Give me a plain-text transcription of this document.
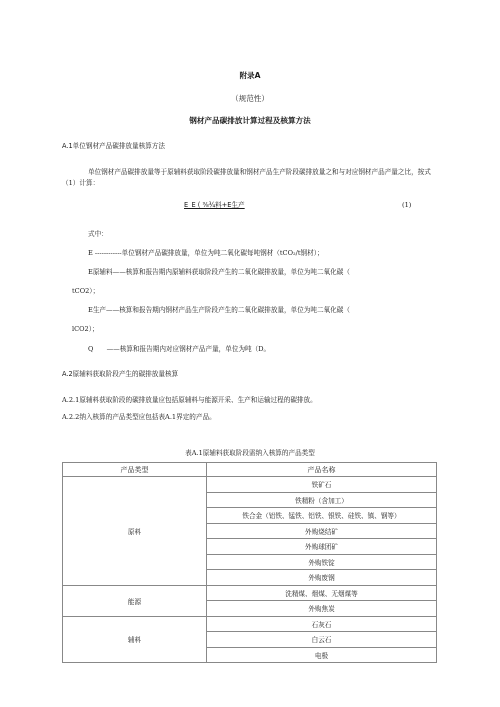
附录A
（规范性）
钢材产品碳排放计算过程及核算方法
A.1单位钢材产品碳排放量核算方法
单位钢材产品碳排放量等于原辅料获取阶段碳排放量和钢材产品生产阶段碳排放量之和与对应钢材产品产量之比，按式（1）计算：
E_E ( ⅜¾料+E生产	(1)
式中：
E ------------单位钢材产品碳排放量，单位为吨二氧化碳每吨钢材（tCO₂/t钢材）；
E原辅料——核算和报告期内原辅料获取阶段产生的二氧化碳排放量，单位为吨二氧化碳（
tCO2）；
E生产——核算和报告期内钢材产品生产阶段产生的二氧化碳排放量，单位为吨二氧化碳（
lCO2）；
Q　　——核算和报告期内对应钢材产品产量，单位为吨（D。
A.2原辅料获取阶段产生的碳排放量核算
A.2.1原辅料获取阶段的碳排放量应包括原辅料与能源开采、生产和运输过程的碳排放。
A.2.2纳入核算的产品类型应包括表A.1界定的产品。
表A.1原辅料获取阶段需纳入核算的产品类型
产品类型	产品名称
原料	铁矿石
	铁精粉（含加工）
	铁合金（铝铁、锰铁、铝铁、银铁、硅铁、镇、钢等）
	外购烧结矿
	外购球团矿
	外购铁锭
	外购废钢
能源	洗精煤、烟煤、无烟煤等
	外购焦炭
辅料	石灰石
	白云石
	电极
